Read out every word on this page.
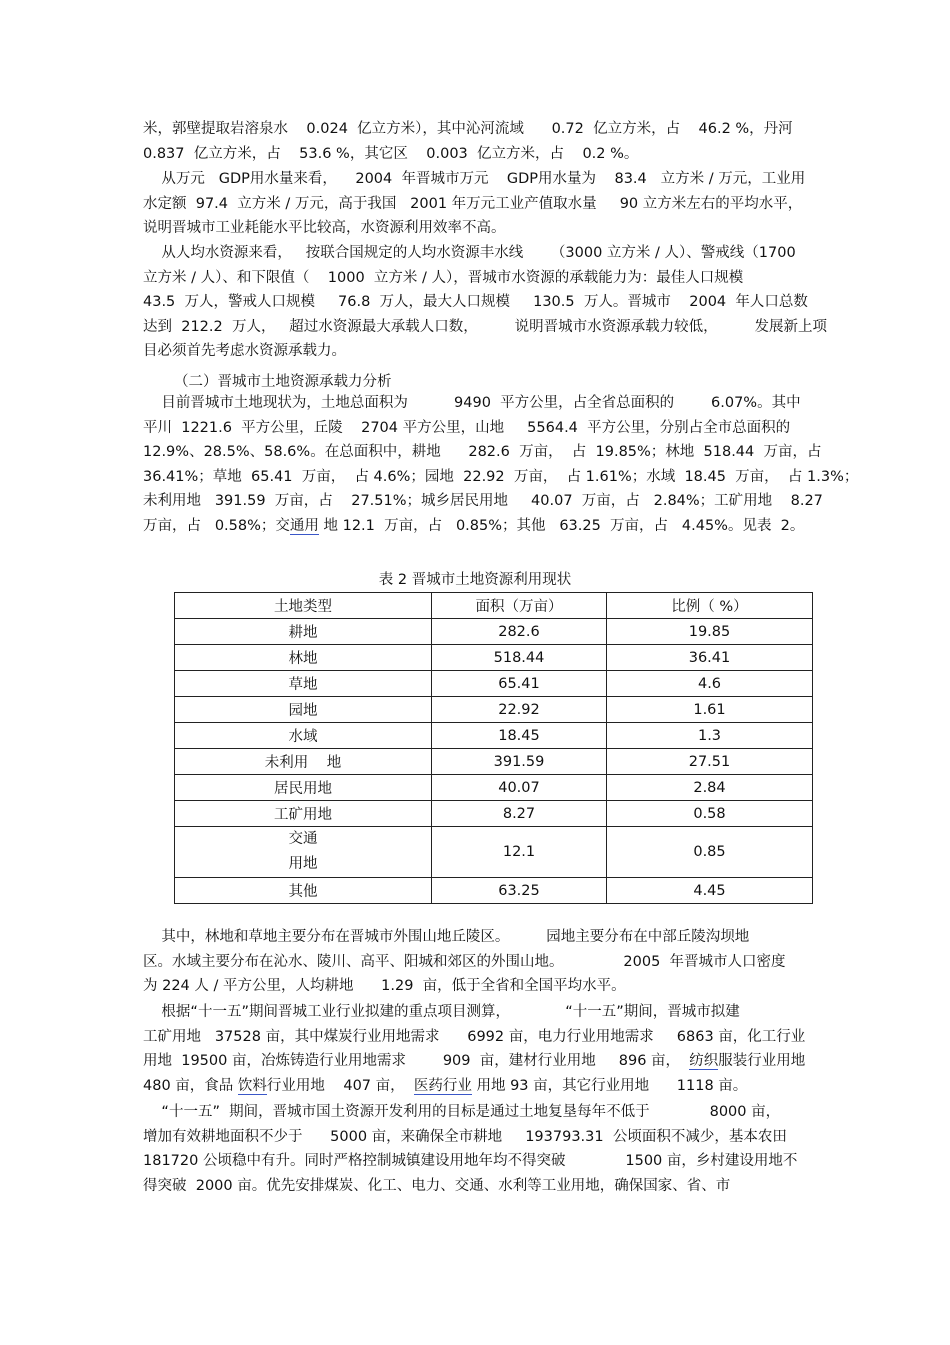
米，郭壁提取岩溶泉水    0.024  亿立方米），其中沁河流域      0.72  亿立方米，占    46.2 %，丹河
0.837  亿立方米，占    53.6 %，其它区    0.003  亿立方米，占    0.2 %。
从万元   GDP用水量来看，    2004  年晋城市万元    GDP用水量为    83.4   立方米 / 万元，工业用
水定额  97.4  立方米 / 万元，高于我国   2001 年万元工业产值取水量     90 立方米左右的平均水平，
说明晋城市工业耗能水平比较高，水资源利用效率不高。
从人均水资源来看，   按联合国规定的人均水资源丰水线      （3000 立方米 / 人）、警戒线（1700
立方米 / 人）、和下限值（    1000  立方米 / 人），晋城市水资源的承载能力为：最佳人口规模
43.5  万人，警戒人口规模     76.8  万人，最大人口规模     130.5  万人。晋城市    2004  年人口总数
达到  212.2  万人，   超过水资源最大承载人口数，        说明晋城市水资源承载力较低，        发展新上项
目必须首先考虑水资源承载力。
（二）晋城市土地资源承载力分析
目前晋城市土地现状为，土地总面积为          9490  平方公里，占全省总面积的        6.07%。其中
平川  1221.6  平方公里，丘陵    2704 平方公里，山地     5564.4  平方公里，分别占全市总面积的
12.9%、28.5%、58.6%。在总面积中，耕地      282.6  万亩，  占  19.85%；林地  518.44  万亩，占
36.41%；草地  65.41  万亩，  占 4.6%；园地  22.92  万亩，  占 1.61%；水域  18.45  万亩，  占 1.3%；
未利用地   391.59  万亩，占    27.51%；城乡居民用地     40.07  万亩，占   2.84%；工矿用地    8.27
万亩，占   0.58%；交通用 地 12.1  万亩，占   0.85%；其他   63.25  万亩，占   4.45%。见表  2。
表 2 晋城市土地资源利用现状
土地类型	面积（万亩）	比例（ %）
耕地	282.6	19.85
林地	518.44	36.41
草地	65.41	4.6
园地	22.92	1.61
水域	18.45	1.3
未利用    地	391.59	27.51
居民用地	40.07	2.84
工矿用地	8.27	0.58

交通
用地	12.1	0.85
其他	63.25	4.45
其中，林地和草地主要分布在晋城市外围山地丘陵区。        园地主要分布在中部丘陵沟坝地
区。水域主要分布在沁水、陵川、高平、阳城和郊区的外围山地。             2005  年晋城市人口密度
为 224 人 / 平方公里，人均耕地      1.29  亩，低于全省和全国平均水平。
根据“十一五”期间晋城工业行业拟建的重点项目测算，            “十一五”期间，晋城市拟建
工矿用地   37528 亩，其中煤炭行业用地需求      6992 亩，电力行业用地需求     6863 亩，化工行业
用地  19500 亩，冶炼铸造行业用地需求        909  亩，建材行业用地     896 亩，  纺织服装行业用地
480 亩，食品 饮料行业用地    407 亩，  医药行业 用地 93 亩，其它行业用地      1118 亩。
“十一五”  期间，晋城市国土资源开发利用的目标是通过土地复垦每年不低于             8000 亩，
增加有效耕地面积不少于      5000 亩，来确保全市耕地     193793.31  公顷面积不减少，基本农田
181720 公顷稳中有升。同时严格控制城镇建设用地年均不得突破             1500 亩，乡村建设用地不
得突破  2000 亩。优先安排煤炭、化工、电力、交通、水利等工业用地，确保国家、省、市
